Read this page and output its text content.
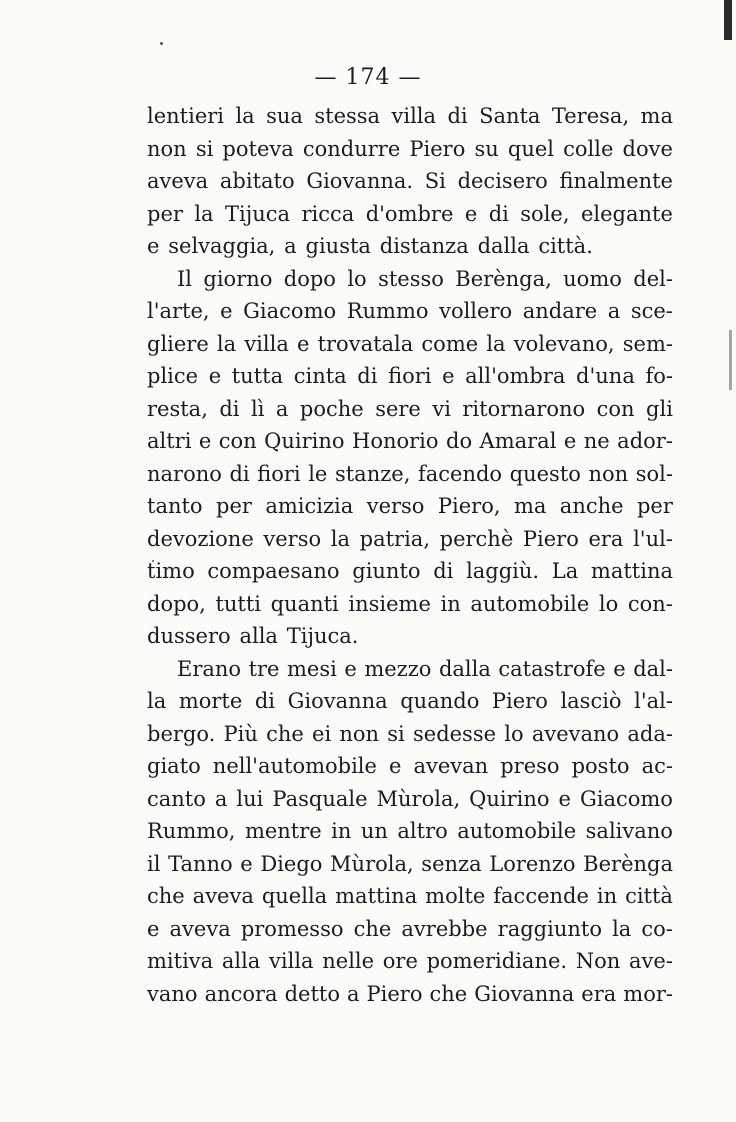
— 174 —
lentieri la sua stessa villa di Santa Teresa, ma
non si poteva condurre Piero su quel colle dove
aveva abitato Giovanna. Si decisero finalmente
per la Tijuca ricca d'ombre e di sole, elegante
e selvaggia, a giusta distanza dalla città.
Il giorno dopo lo stesso Berènga, uomo del-
l'arte, e Giacomo Rummo vollero andare a sce-
gliere la villa e trovatala come la volevano, sem-
plice e tutta cinta di fiori e all'ombra d'una fo-
resta, di lì a poche sere vi ritornarono con gli
altri e con Quirino Honorio do Amaral e ne ador-
narono di fiori le stanze, facendo questo non sol-
tanto per amicizia verso Piero, ma anche per
devozione verso la patria, perchè Piero era l'ul-
timo compaesano giunto di laggiù. La mattina
dopo, tutti quanti insieme in automobile lo con-
dussero alla Tijuca.
Erano tre mesi e mezzo dalla catastrofe e dal-
la morte di Giovanna quando Piero lasciò l'al-
bergo. Più che ei non si sedesse lo avevano ada-
giato nell'automobile e avevan preso posto ac-
canto a lui Pasquale Mùrola, Quirino e Giacomo
Rummo, mentre in un altro automobile salivano
il Tanno e Diego Mùrola, senza Lorenzo Berènga
che aveva quella mattina molte faccende in città
e aveva promesso che avrebbe raggiunto la co-
mitiva alla villa nelle ore pomeridiane. Non ave-
vano ancora detto a Piero che Giovanna era mor-
